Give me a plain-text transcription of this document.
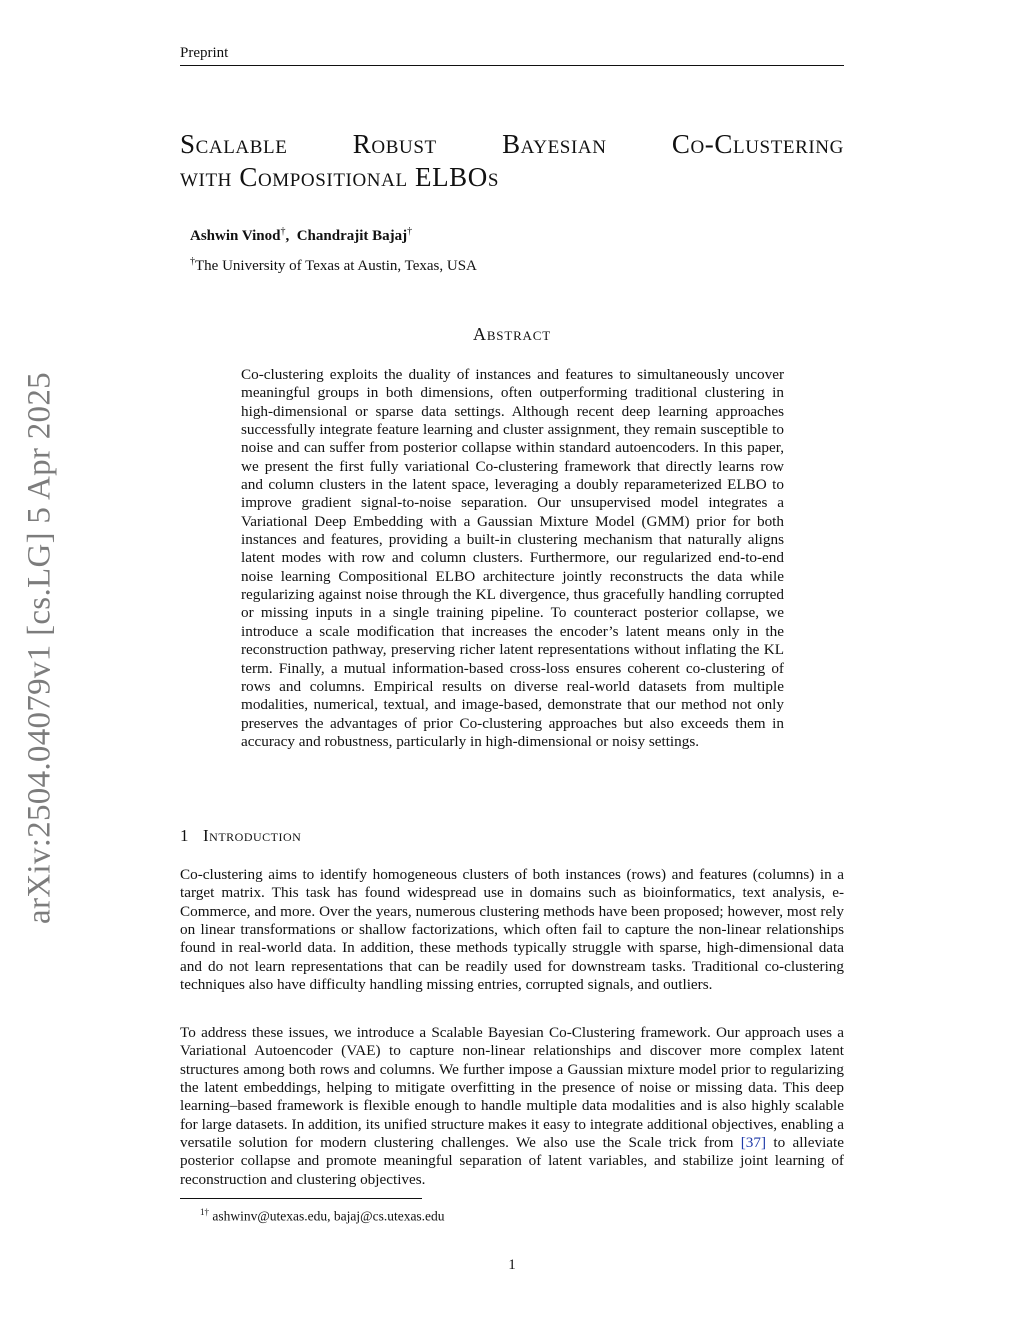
Preprint
arXiv:2504.04079v1 [cs.LG] 5 Apr 2025
Scalable Robust Bayesian Co-Clustering
with Compositional ELBOs
Ashwin Vinod†, Chandrajit Bajaj†
†The University of Texas at Austin, Texas, USA
Abstract
Co-clustering exploits the duality of instances and features to simultaneously uncover meaningful groups in both dimensions, often outperforming traditional clustering in high-dimensional or sparse data settings. Although recent deep learning approaches successfully integrate feature learning and cluster assignment, they remain susceptible to noise and can suffer from posterior collapse within standard autoencoders. In this paper, we present the first fully variational Co-clustering framework that directly learns row and column clusters in the latent space, leveraging a doubly reparameterized ELBO to improve gradient signal-to-noise separation. Our unsupervised model integrates a Variational Deep Embedding with a Gaussian Mixture Model (GMM) prior for both instances and features, providing a built-in clustering mechanism that naturally aligns latent modes with row and column clusters. Furthermore, our regularized end-to-end noise learning Compositional ELBO architecture jointly reconstructs the data while regularizing against noise through the KL divergence, thus gracefully handling corrupted or missing inputs in a single training pipeline. To counteract posterior collapse, we introduce a scale modification that increases the encoder’s latent means only in the reconstruction pathway, preserving richer latent representations without inflating the KL term. Finally, a mutual information-based cross-loss ensures coherent co-clustering of rows and columns. Empirical results on diverse real-world datasets from multiple modalities, numerical, textual, and image-based, demonstrate that our method not only preserves the advantages of prior Co-clustering approaches but also exceeds them in accuracy and robustness, particularly in high-dimensional or noisy settings.
1 Introduction
Co-clustering aims to identify homogeneous clusters of both instances (rows) and features (columns) in a target matrix. This task has found widespread use in domains such as bioinformatics, text analysis, e-Commerce, and more. Over the years, numerous clustering methods have been proposed; however, most rely on linear transformations or shallow factorizations, which often fail to capture the non-linear relationships found in real-world data. In addition, these methods typically struggle with sparse, high-dimensional data and do not learn representations that can be readily used for downstream tasks. Traditional co-clustering techniques also have difficulty handling missing entries, corrupted signals, and outliers.
To address these issues, we introduce a Scalable Bayesian Co-Clustering framework. Our approach uses a Variational Autoencoder (VAE) to capture non-linear relationships and discover more complex latent structures among both rows and columns. We further impose a Gaussian mixture model prior to regularizing the latent embeddings, helping to mitigate overfitting in the presence of noise or missing data. This deep learning–based framework is flexible enough to handle multiple data modalities and is also highly scalable for large datasets. In addition, its unified structure makes it easy to integrate additional objectives, enabling a versatile solution for modern clustering challenges. We also use the Scale trick from [37] to alleviate posterior collapse and promote meaningful separation of latent variables, and stabilize joint learning of reconstruction and clustering objectives.
$^{1\dagger}$ ashwinv@utexas.edu, bajaj@cs.utexas.edu
1
